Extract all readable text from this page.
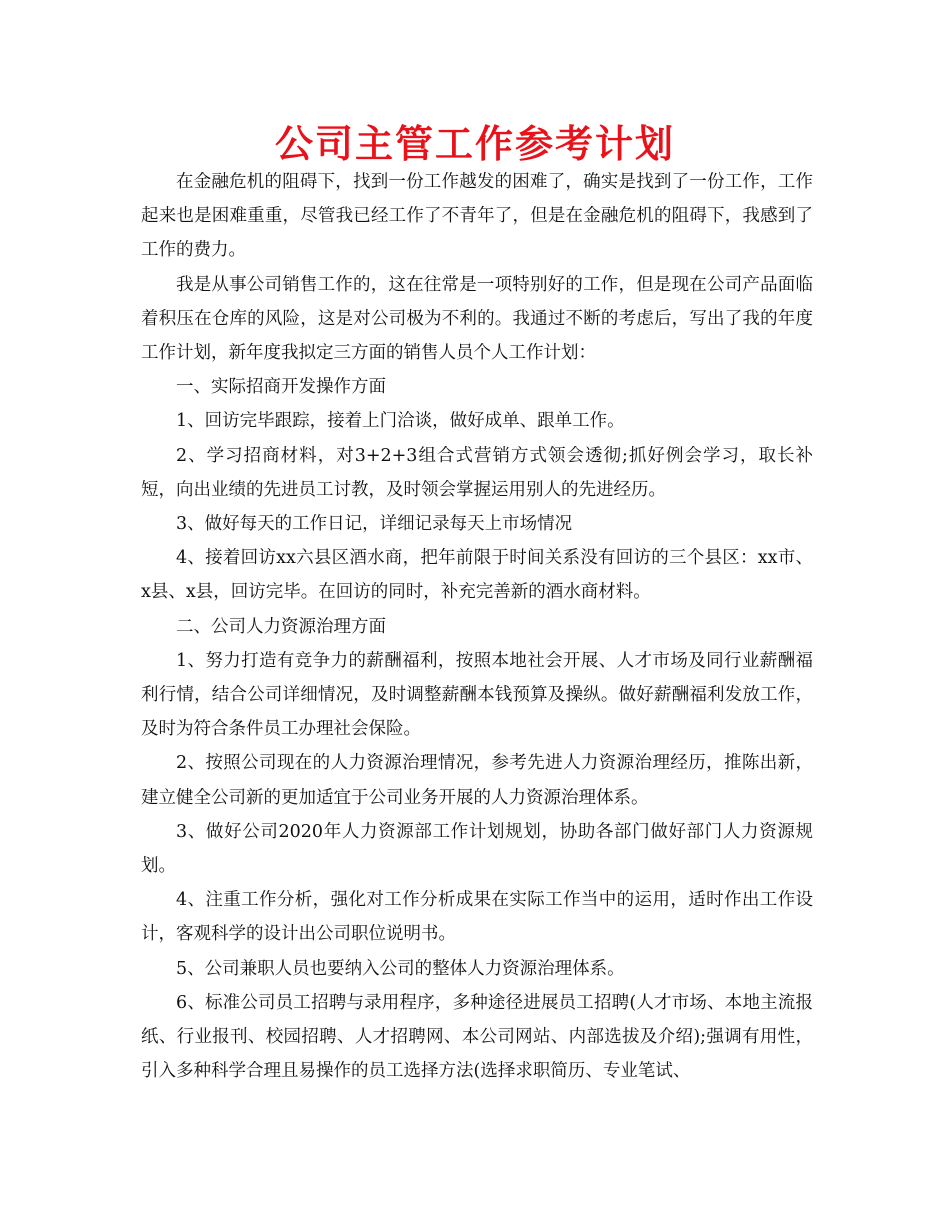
公司主管工作参考计划

在金融危机的阻碍下，找到一份工作越发的困难了，确实是找到了一份工作，工作起来也是困难重重，尽管我已经工作了不青年了，但是在金融危机的阻碍下，我感到了工作的费力。

我是从事公司销售工作的，这在往常是一项特别好的工作，但是现在公司产品面临着积压在仓库的风险，这是对公司极为不利的。我通过不断的考虑后，写出了我的年度工作计划，新年度我拟定三方面的销售人员个人工作计划：

一、实际招商开发操作方面

1、回访完毕跟踪，接着上门洽谈，做好成单、跟单工作。

2、学习招商材料，对3+2+3组合式营销方式领会透彻;抓好例会学习，取长补短，向出业绩的先进员工讨教，及时领会掌握运用别人的先进经历。

3、做好每天的工作日记，详细记录每天上市场情况

4、接着回访xx六县区酒水商，把年前限于时间关系没有回访的三个县区：xx市、x县、x县，回访完毕。在回访的同时，补充完善新的酒水商材料。

二、公司人力资源治理方面

1、努力打造有竞争力的薪酬福利，按照本地社会开展、人才市场及同行业薪酬福利行情，结合公司详细情况，及时调整薪酬本钱预算及操纵。做好薪酬福利发放工作，及时为符合条件员工办理社会保险。

2、按照公司现在的人力资源治理情况，参考先进人力资源治理经历，推陈出新，建立健全公司新的更加适宜于公司业务开展的人力资源治理体系。

3、做好公司2020年人力资源部工作计划规划，协助各部门做好部门人力资源规划。

4、注重工作分析，强化对工作分析成果在实际工作当中的运用，适时作出工作设计，客观科学的设计出公司职位说明书。

5、公司兼职人员也要纳入公司的整体人力资源治理体系。

6、标准公司员工招聘与录用程序，多种途径进展员工招聘(人才市场、本地主流报纸、行业报刊、校园招聘、人才招聘网、本公司网站、内部选拔及介绍);强调有用性，引入多种科学合理且易操作的员工选择方法(选择求职简历、专业笔试、
